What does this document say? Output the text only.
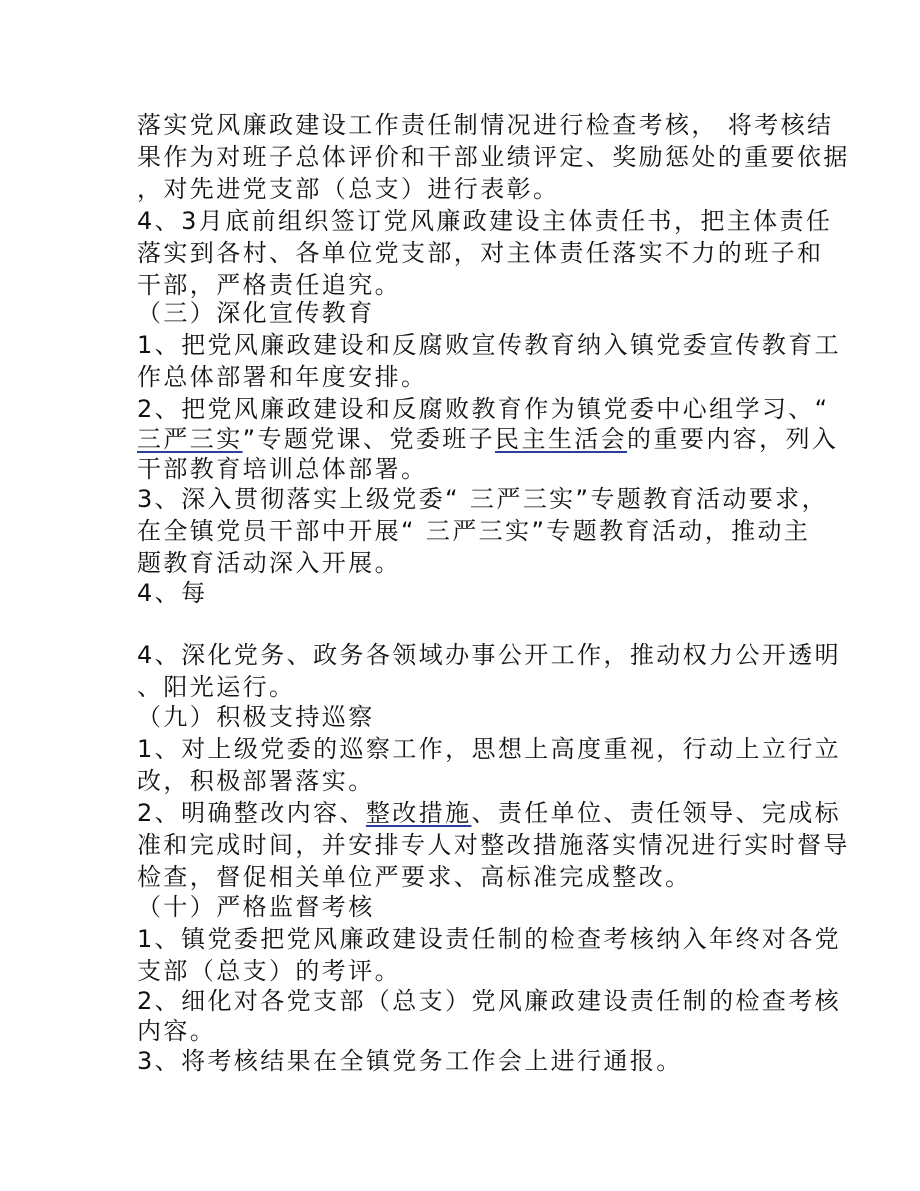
落实党风廉政建设工作责任制情况进行检查考核， 将考核结
果作为对班子总体评价和干部业绩评定、奖励惩处的重要依据
，对先进党支部（总支）进行表彰。
4、3月底前组织签订党风廉政建设主体责任书，把主体责任
落实到各村、各单位党支部，对主体责任落实不力的班子和
干部，严格责任追究。
（三）深化宣传教育
1、把党风廉政建设和反腐败宣传教育纳入镇党委宣传教育工
作总体部署和年度安排。
2、把党风廉政建设和反腐败教育作为镇党委中心组学习、“
三严三实”专题党课、党委班子民主生活会的重要内容，列入
干部教育培训总体部署。
3、深入贯彻落实上级党委“ 三严三实”专题教育活动要求，
在全镇党员干部中开展“ 三严三实”专题教育活动，推动主
题教育活动深入开展。
4、每
4、深化党务、政务各领域办事公开工作，推动权力公开透明
、阳光运行。
（九）积极支持巡察
1、对上级党委的巡察工作，思想上高度重视，行动上立行立
改，积极部署落实。
2、明确整改内容、整改措施、责任单位、责任领导、完成标
准和完成时间，并安排专人对整改措施落实情况进行实时督导
检查，督促相关单位严要求、高标准完成整改。
（十）严格监督考核
1、镇党委把党风廉政建设责任制的检查考核纳入年终对各党
支部（总支）的考评。
2、细化对各党支部（总支）党风廉政建设责任制的检查考核
内容。
3、将考核结果在全镇党务工作会上进行通报。
